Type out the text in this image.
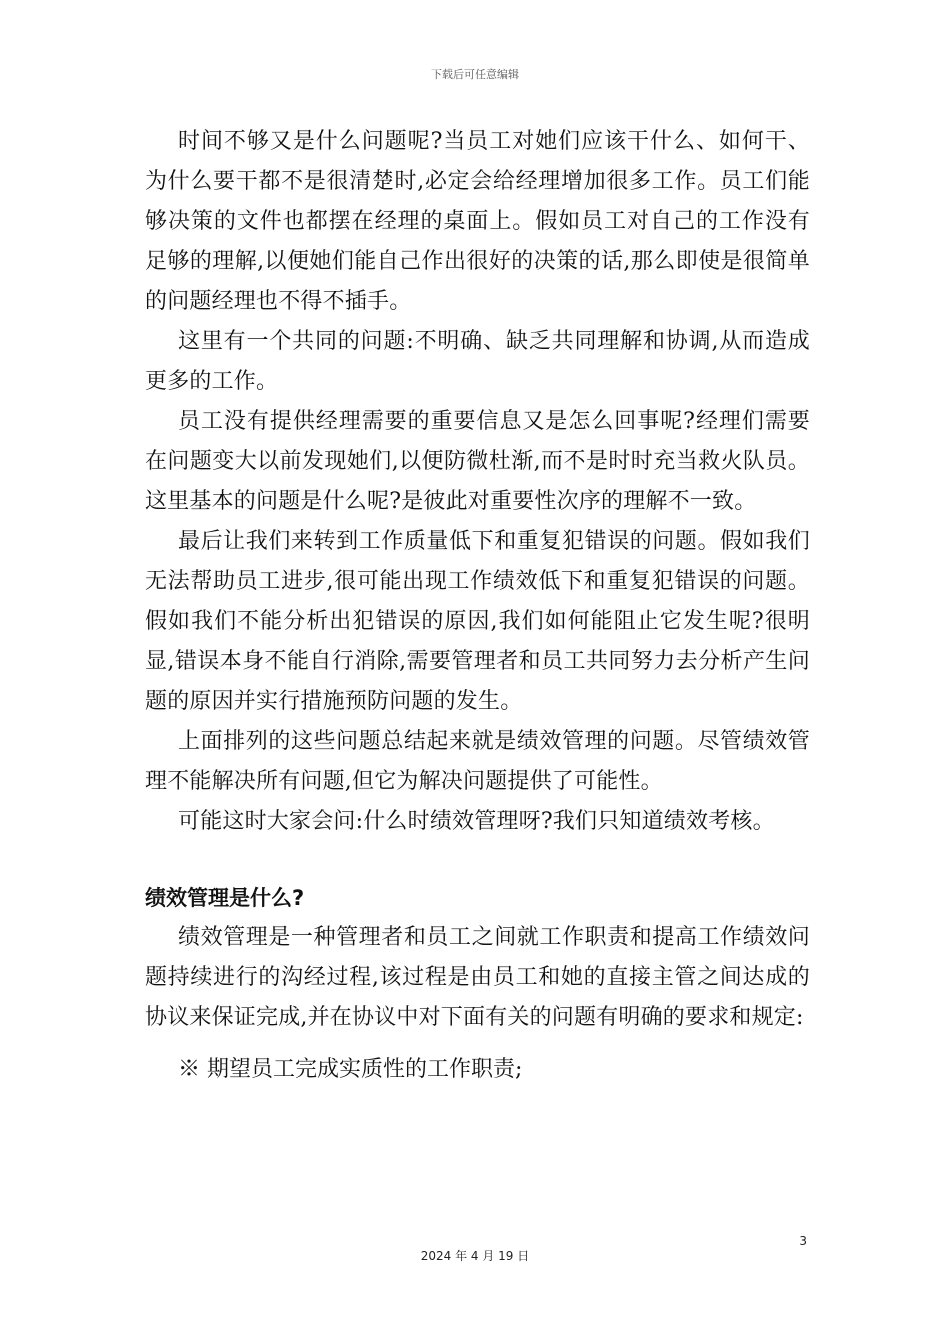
下载后可任意编辑

时间不够又是什么问题呢?当员工对她们应该干什么、如何干、为什么要干都不是很清楚时,必定会给经理增加很多工作。员工们能够决策的文件也都摆在经理的桌面上。假如员工对自己的工作没有足够的理解,以便她们能自己作出很好的决策的话,那么即使是很简单的问题经理也不得不插手。

这里有一个共同的问题:不明确、缺乏共同理解和协调,从而造成更多的工作。

员工没有提供经理需要的重要信息又是怎么回事呢?经理们需要在问题变大以前发现她们,以便防微杜渐,而不是时时充当救火队员。这里基本的问题是什么呢?是彼此对重要性次序的理解不一致。

最后让我们来转到工作质量低下和重复犯错误的问题。假如我们无法帮助员工进步,很可能出现工作绩效低下和重复犯错误的问题。假如我们不能分析出犯错误的原因,我们如何能阻止它发生呢?很明显,错误本身不能自行消除,需要管理者和员工共同努力去分析产生问题的原因并实行措施预防问题的发生。

上面排列的这些问题总结起来就是绩效管理的问题。尽管绩效管理不能解决所有问题,但它为解决问题提供了可能性。

可能这时大家会问:什么时绩效管理呀?我们只知道绩效考核。

绩效管理是什么?

绩效管理是一种管理者和员工之间就工作职责和提高工作绩效问题持续进行的沟经过程,该过程是由员工和她的直接主管之间达成的协议来保证完成,并在协议中对下面有关的问题有明确的要求和规定:

※ 期望员工完成实质性的工作职责;

3
2024 年 4 月 19 日
